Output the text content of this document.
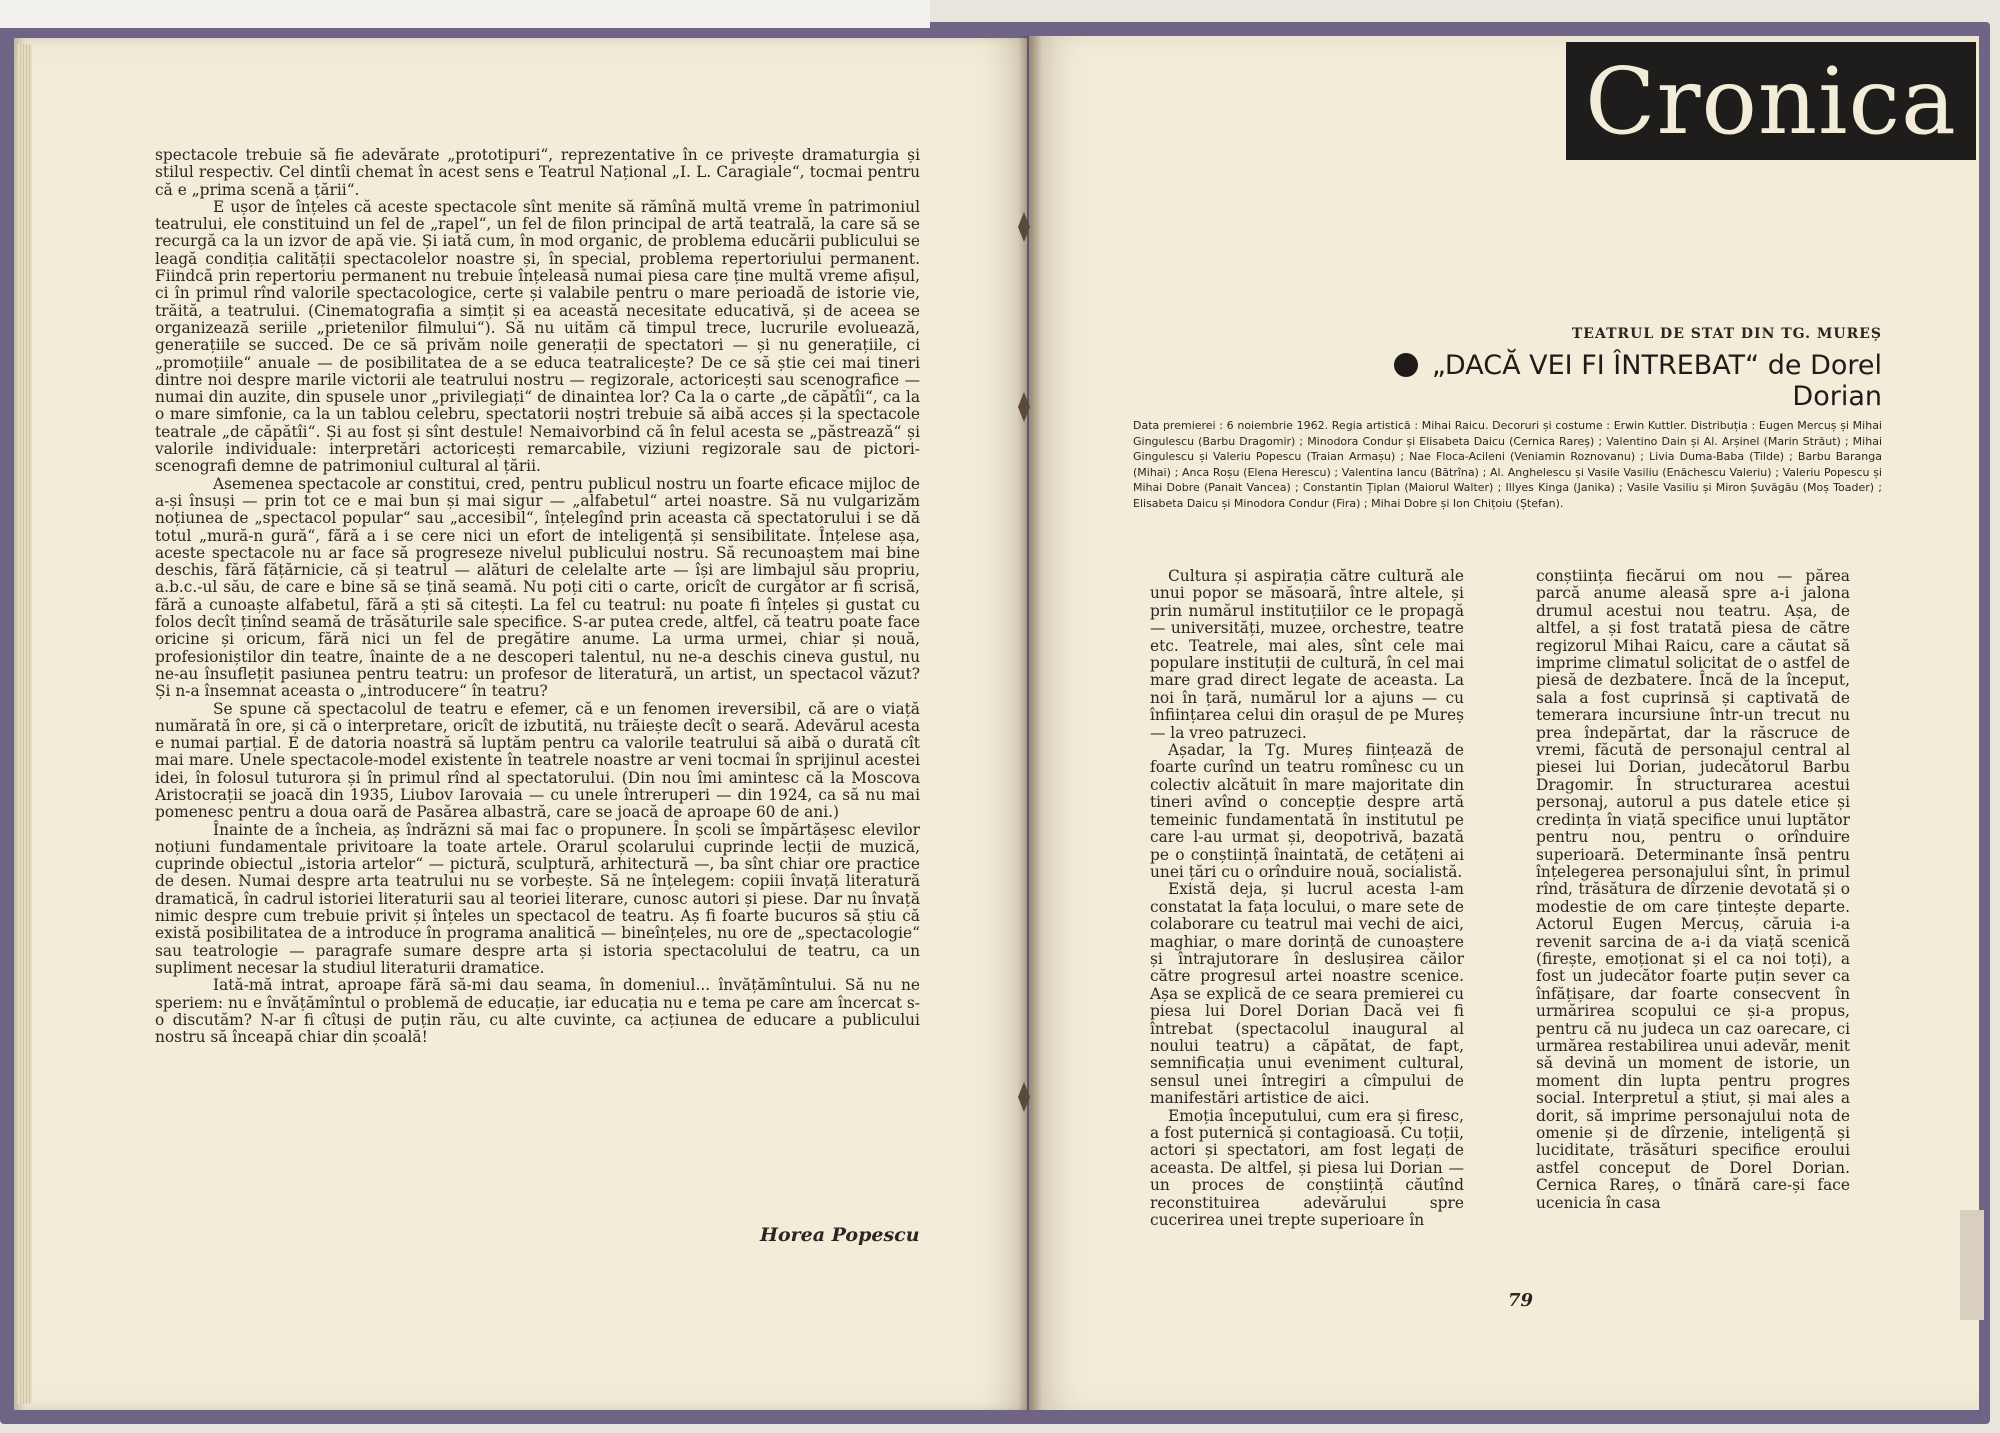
spectacole trebuie să fie adevărate „prototipuri“, reprezentative în ce privește dramaturgia și stilul respectiv. Cel dintîi chemat în acest sens e Teatrul Național „I. L. Caragiale“, tocmai pentru că e „prima scenă a țării“.

E ușor de înțeles că aceste spectacole sînt menite să rămînă multă vreme în patrimoniul teatrului, ele constituind un fel de „rapel“, un fel de filon principal de artă teatrală, la care să se recurgă ca la un izvor de apă vie. Și iată cum, în mod organic, de problema educării publicului se leagă condiția calității spectacolelor noastre și, în special, problema repertoriului permanent. Fiindcă prin repertoriu permanent nu trebuie înțeleasă numai piesa care ține multă vreme afișul, ci în primul rînd valorile spectacologice, certe și valabile pentru o mare perioadă de istorie vie, trăită, a teatrului. (Cinematografia a simțit și ea această necesitate educativă, și de aceea se organizează seriile „prietenilor filmului“). Să nu uităm că timpul trece, lucrurile evoluează, generațiile se succed. De ce să privăm noile generații de spectatori — și nu generațiile, ci „promoțiile“ anuale — de posibilitatea de a se educa teatralicește? De ce să știe cei mai tineri dintre noi despre marile victorii ale teatrului nostru — regizorale, actoricești sau scenografice — numai din auzite, din spusele unor „privilegiați“ de dinaintea lor? Ca la o carte „de căpătîi“, ca la o mare simfonie, ca la un tablou celebru, spectatorii noștri trebuie să aibă acces și la spectacole teatrale „de căpătîi“. Și au fost și sînt destule! Nemaivorbind că în felul acesta se „păstrează“ și valorile individuale: interpretări actoricești remarcabile, viziuni regizorale sau de pictori-scenografi demne de patrimoniul cultural al țării.

Asemenea spectacole ar constitui, cred, pentru publicul nostru un foarte eficace mijloc de a-și însuși — prin tot ce e mai bun și mai sigur — „alfabetul“ artei noastre. Să nu vulgarizăm noțiunea de „spectacol popular“ sau „accesibil“, înțelegînd prin aceasta că spectatorului i se dă totul „mură-n gură“, fără a i se cere nici un efort de inteligență și sensibilitate. Înțelese așa, aceste spectacole nu ar face să progreseze nivelul publicului nostru. Să recunoaștem mai bine deschis, fără fățărnicie, că și teatrul — alături de celelalte arte — își are limbajul său propriu, a.b.c.-ul său, de care e bine să se țină seamă. Nu poți citi o carte, oricît de curgător ar fi scrisă, fără a cunoaște alfabetul, fără a ști să citești. La fel cu teatrul: nu poate fi înțeles și gustat cu folos decît ținînd seamă de trăsăturile sale specifice. S-ar putea crede, altfel, că teatru poate face oricine și oricum, fără nici un fel de pregătire anume. La urma urmei, chiar și nouă, profesioniștilor din teatre, înainte de a ne descoperi talentul, nu ne-a deschis cineva gustul, nu ne-au însuflețit pasiunea pentru teatru: un profesor de literatură, un artist, un spectacol văzut? Și n-a însemnat aceasta o „introducere“ în teatru?

Se spune că spectacolul de teatru e efemer, că e un fenomen ireversibil, că are o viață numărată în ore, și că o interpretare, oricît de izbutită, nu trăiește decît o seară. Adevărul acesta e numai parțial. E de datoria noastră să luptăm pentru ca valorile teatrului să aibă o durată cît mai mare. Unele spectacole-model existente în teatrele noastre ar veni tocmai în sprijinul acestei idei, în folosul tuturora și în primul rînd al spectatorului. (Din nou îmi amintesc că la Moscova Aristocrații se joacă din 1935, Liubov Iarovaia — cu unele întreruperi — din 1924, ca să nu mai pomenesc pentru a doua oară de Pasărea albastră, care se joacă de aproape 60 de ani.)

Înainte de a încheia, aș îndrăzni să mai fac o propunere. În școli se împărtășesc elevilor noțiuni fundamentale privitoare la toate artele. Orarul școlarului cuprinde lecții de muzică, cuprinde obiectul „istoria artelor“ — pictură, sculptură, arhitectură —, ba sînt chiar ore practice de desen. Numai despre arta teatrului nu se vorbește. Să ne înțelegem: copiii învață literatură dramatică, în cadrul istoriei literaturii sau al teoriei literare, cunosc autori și piese. Dar nu învață nimic despre cum trebuie privit și înțeles un spectacol de teatru. Aș fi foarte bucuros să știu că există posibilitatea de a introduce în programa analitică — bineînțeles, nu ore de „spectacologie“ sau teatrologie — paragrafe sumare despre arta și istoria spectacolului de teatru, ca un supliment necesar la studiul literaturii dramatice.

Iată-mă intrat, aproape fără să-mi dau seama, în domeniul... învățămîntului. Să nu ne speriem: nu e învățămîntul o problemă de educație, iar educația nu e tema pe care am încercat s-o discutăm? N-ar fi cîtuși de puțin rău, cu alte cuvinte, ca acțiunea de educare a publicului nostru să înceapă chiar din școală!

Horea Popescu
Cronica
TEATRUL DE STAT DIN TG. MUREȘ
„DACĂ VEI FI ÎNTREBAT“ de Dorel Dorian
Data premierei : 6 noiembrie 1962. Regia artistică : Mihai Raicu. Decoruri și costume : Erwin Kuttler. Distribuția : Eugen Mercuș și Mihai Gingulescu (Barbu Dragomir) ; Minodora Condur și Elisabeta Daicu (Cernica Rareș) ; Valentino Dain și Al. Arșinel (Marin Străut) ; Mihai Gingulescu și Valeriu Popescu (Traian Armașu) ; Nae Floca-Acileni (Veniamin Roznovanu) ; Livia Duma-Baba (Tilde) ; Barbu Baranga (Mihai) ; Anca Roșu (Elena Herescu) ; Valentina Iancu (Bătrîna) ; Al. Anghelescu și Vasile Vasiliu (Enăchescu Valeriu) ; Valeriu Popescu și Mihai Dobre (Panait Vancea) ; Constantin Țiplan (Maiorul Walter) ; Illyes Kinga (Janika) ; Vasile Vasiliu și Miron Șuvăgău (Moș Toader) ; Elisabeta Daicu și Minodora Condur (Fira) ; Mihai Dobre și Ion Chițoiu (Ștefan).

Cultura și aspirația către cultură ale unui popor se măsoară, între altele, și prin numărul instituțiilor ce le propagă — universități, muzee, orchestre, teatre etc. Teatrele, mai ales, sînt cele mai populare instituții de cultură, în cel mai mare grad direct legate de aceasta. La noi în țară, numărul lor a ajuns — cu înființarea celui din orașul de pe Mureș — la vreo patruzeci.

Așadar, la Tg. Mureș ființează de foarte curînd un teatru romînesc cu un colectiv alcătuit în mare majoritate din tineri avînd o concepție despre artă temeinic fundamentată în institutul pe care l-au urmat și, deopotrivă, bazată pe o conștiință înaintată, de cetățeni ai unei țări cu o orînduire nouă, socialistă.

Există deja, și lucrul acesta l-am constatat la fața locului, o mare sete de colaborare cu teatrul mai vechi de aici, maghiar, o mare dorință de cunoaștere și întrajutorare în deslușirea căilor către progresul artei noastre scenice. Așa se explică de ce seara premierei cu piesa lui Dorel Dorian Dacă vei fi întrebat (spectacolul inaugural al noului teatru) a căpătat, de fapt, semnificația unui eveniment cultural, sensul unei întregiri a cîmpului de manifestări artistice de aici.

Emoția începutului, cum era și firesc, a fost puternică și contagioasă. Cu toții, actori și spectatori, am fost legați de aceasta. De altfel, și piesa lui Dorian — un proces de conștiință căutînd reconstituirea adevărului spre cucerirea unei trepte superioare în

conștiința fiecărui om nou — părea parcă anume aleasă spre a-i jalona drumul acestui nou teatru. Așa, de altfel, a și fost tratată piesa de către regizorul Mihai Raicu, care a căutat să imprime climatul solicitat de o astfel de piesă de dezbatere. Încă de la început, sala a fost cuprinsă și captivată de temerara incursiune într-un trecut nu prea îndepărtat, dar la răscruce de vremi, făcută de personajul central al piesei lui Dorian, judecătorul Barbu Dragomir. În structurarea acestui personaj, autorul a pus datele etice și credința în viață specifice unui luptător pentru nou, pentru o orînduire superioară. Determinante însă pentru înțelegerea personajului sînt, în primul rînd, trăsătura de dîrzenie devotată și o modestie de om care țintește departe. Actorul Eugen Mercuș, căruia i-a revenit sarcina de a-i da viață scenică (firește, emoționat și el ca noi toți), a fost un judecător foarte puțin sever ca înfățișare, dar foarte consecvent în urmărirea scopului ce și-a propus, pentru că nu judeca un caz oarecare, ci urmărea restabilirea unui adevăr, menit să devină un moment de istorie, un moment din lupta pentru progres social. Interpretul a știut, și mai ales a dorit, să imprime personajului nota de omenie și de dîrzenie, inteligență și luciditate, trăsături specifice eroului astfel conceput de Dorel Dorian. Cernica Rareș, o tînără care-și face ucenicia în casa

79
